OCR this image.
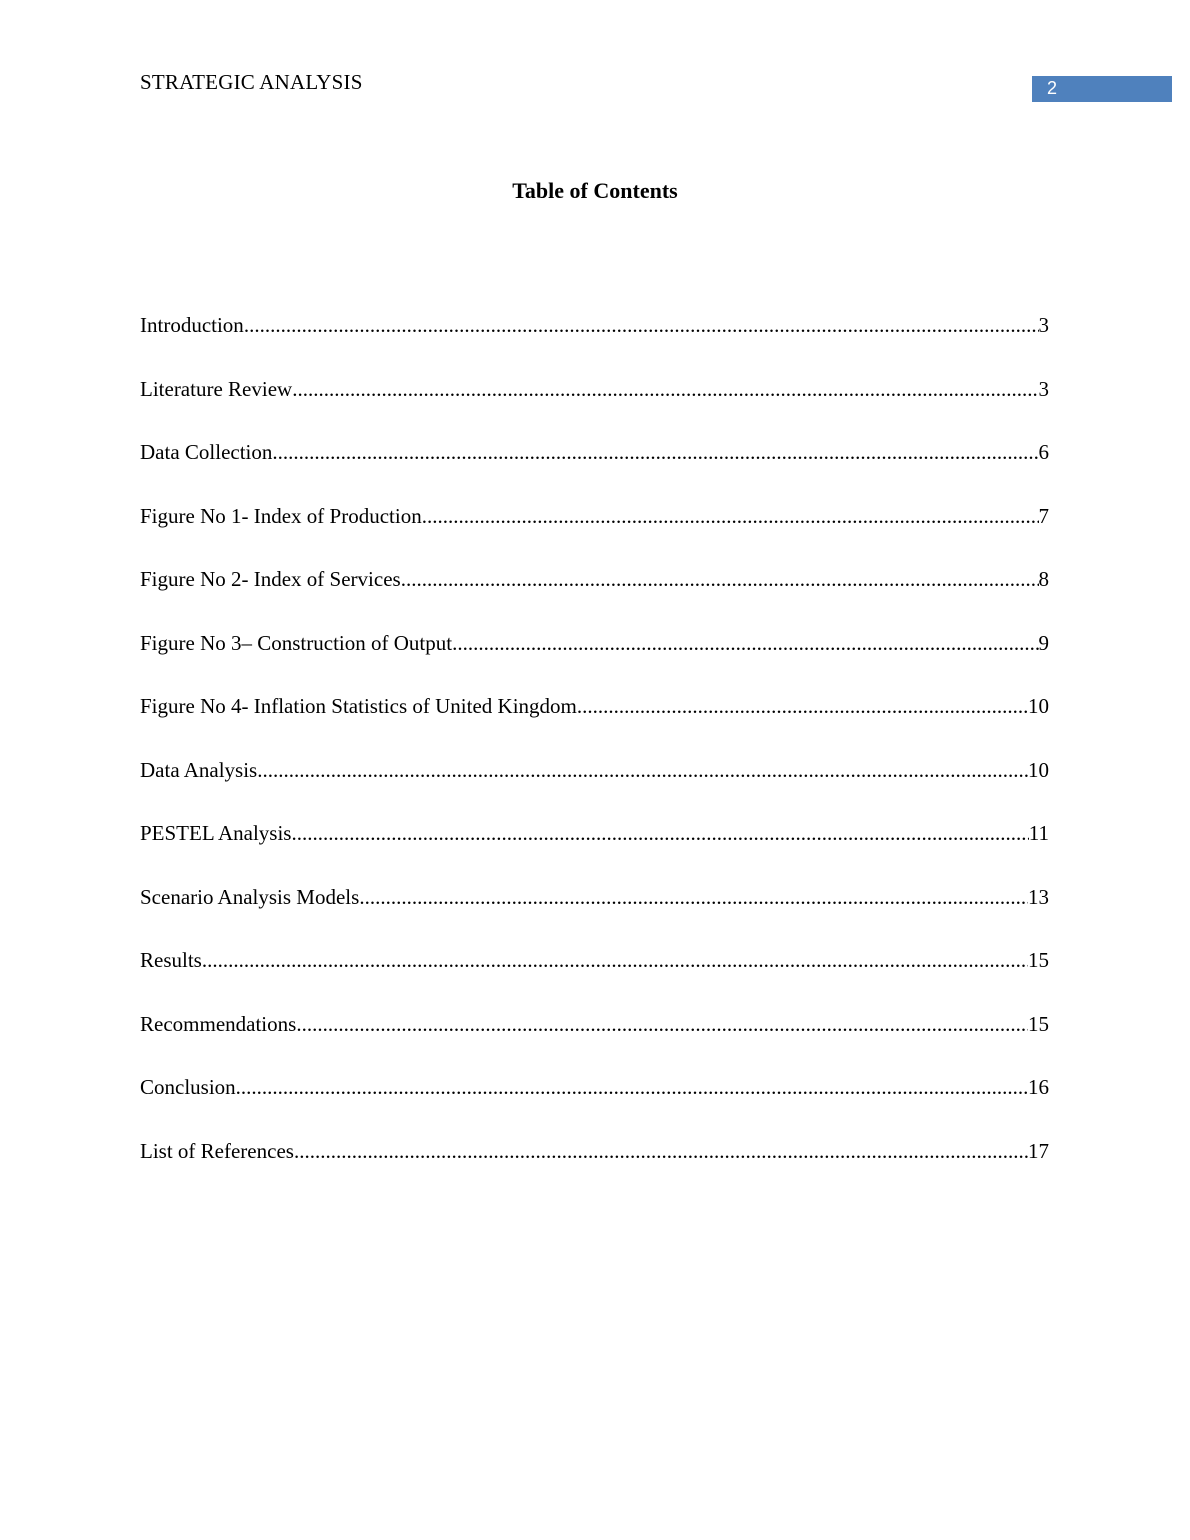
STRATEGIC ANALYSIS	2
Table of Contents
Introduction .....	3
Literature Review .....	3
Data Collection .....	6
Figure No 1- Index of Production .....	7
Figure No 2- Index of Services .....	8
Figure No 3– Construction of Output .....	9
Figure No 4- Inflation Statistics of United Kingdom .....	10
Data Analysis .....	10
PESTEL Analysis .....	11
Scenario Analysis Models .....	13
Results .....	15
Recommendations .....	15
Conclusion .....	16
List of References .....	17
